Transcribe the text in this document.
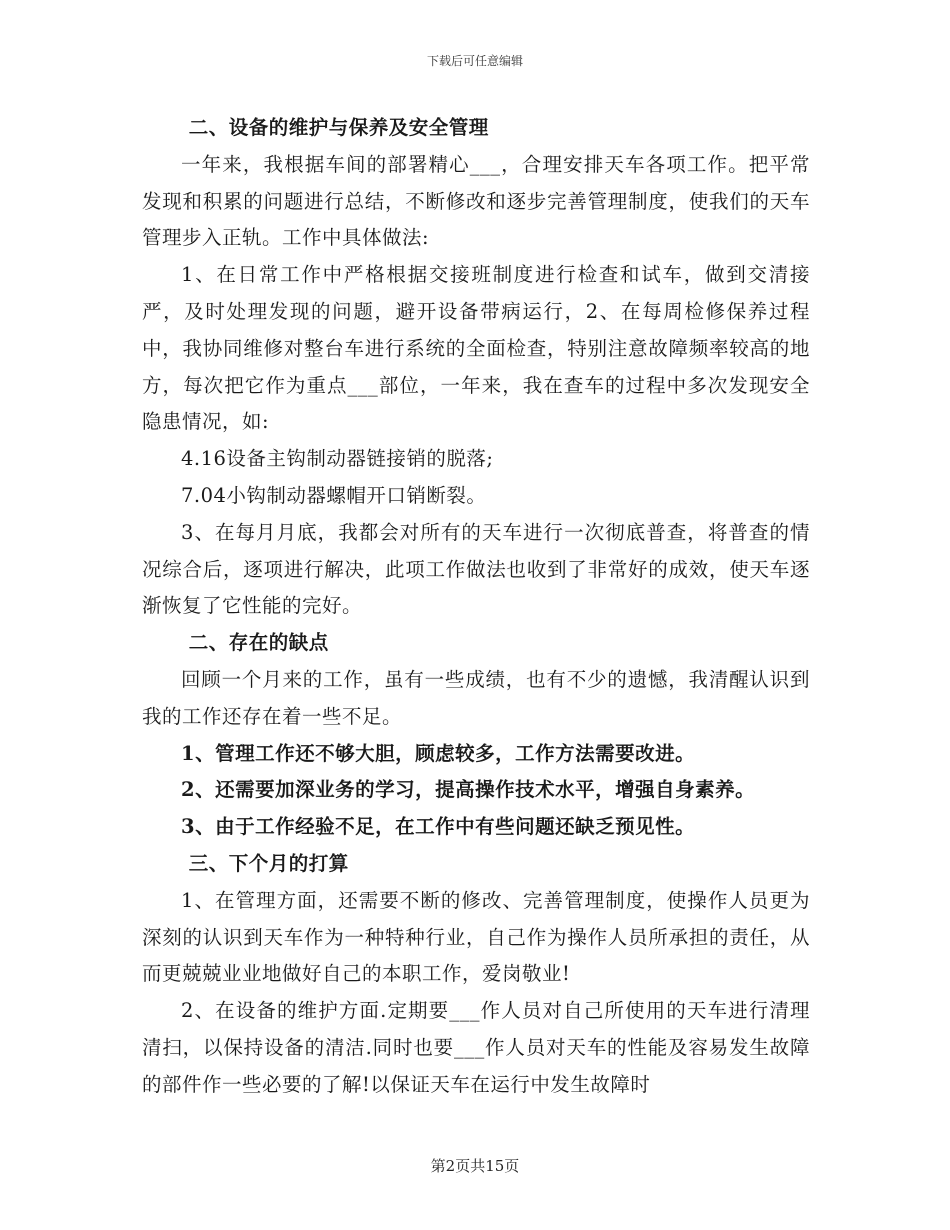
下载后可任意编辑

二、设备的维护与保养及安全管理

一年来，我根据车间的部署精心___，合理安排天车各项工作。把平常发现和积累的问题进行总结，不断修改和逐步完善管理制度，使我们的天车管理步入正轨。工作中具体做法:

1、在日常工作中严格根据交接班制度进行检查和试车，做到交清接严，及时处理发现的问题，避开设备带病运行，2、在每周检修保养过程中，我协同维修对整台车进行系统的全面检查，特别注意故障频率较高的地方，每次把它作为重点___部位，一年来，我在查车的过程中多次发现安全隐患情况，如:

4.16设备主钩制动器链接销的脱落;

7.04小钩制动器螺帽开口销断裂。

3、在每月月底，我都会对所有的天车进行一次彻底普查，将普查的情况综合后，逐项进行解决，此项工作做法也收到了非常好的成效，使天车逐渐恢复了它性能的完好。

二、存在的缺点

回顾一个月来的工作，虽有一些成绩，也有不少的遗憾，我清醒认识到我的工作还存在着一些不足。

1、管理工作还不够大胆，顾虑较多，工作方法需要改进。

2、还需要加深业务的学习，提高操作技术水平，增强自身素养。

3、由于工作经验不足，在工作中有些问题还缺乏预见性。

三、下个月的打算

1、在管理方面，还需要不断的修改、完善管理制度，使操作人员更为深刻的认识到天车作为一种特种行业，自己作为操作人员所承担的责任，从而更兢兢业业地做好自己的本职工作，爱岗敬业!

2、在设备的维护方面.定期要___作人员对自己所使用的天车进行清理清扫，以保持设备的清洁.同时也要___作人员对天车的性能及容易发生故障的部件作一些必要的了解!以保证天车在运行中发生故障时

第2页共15页
